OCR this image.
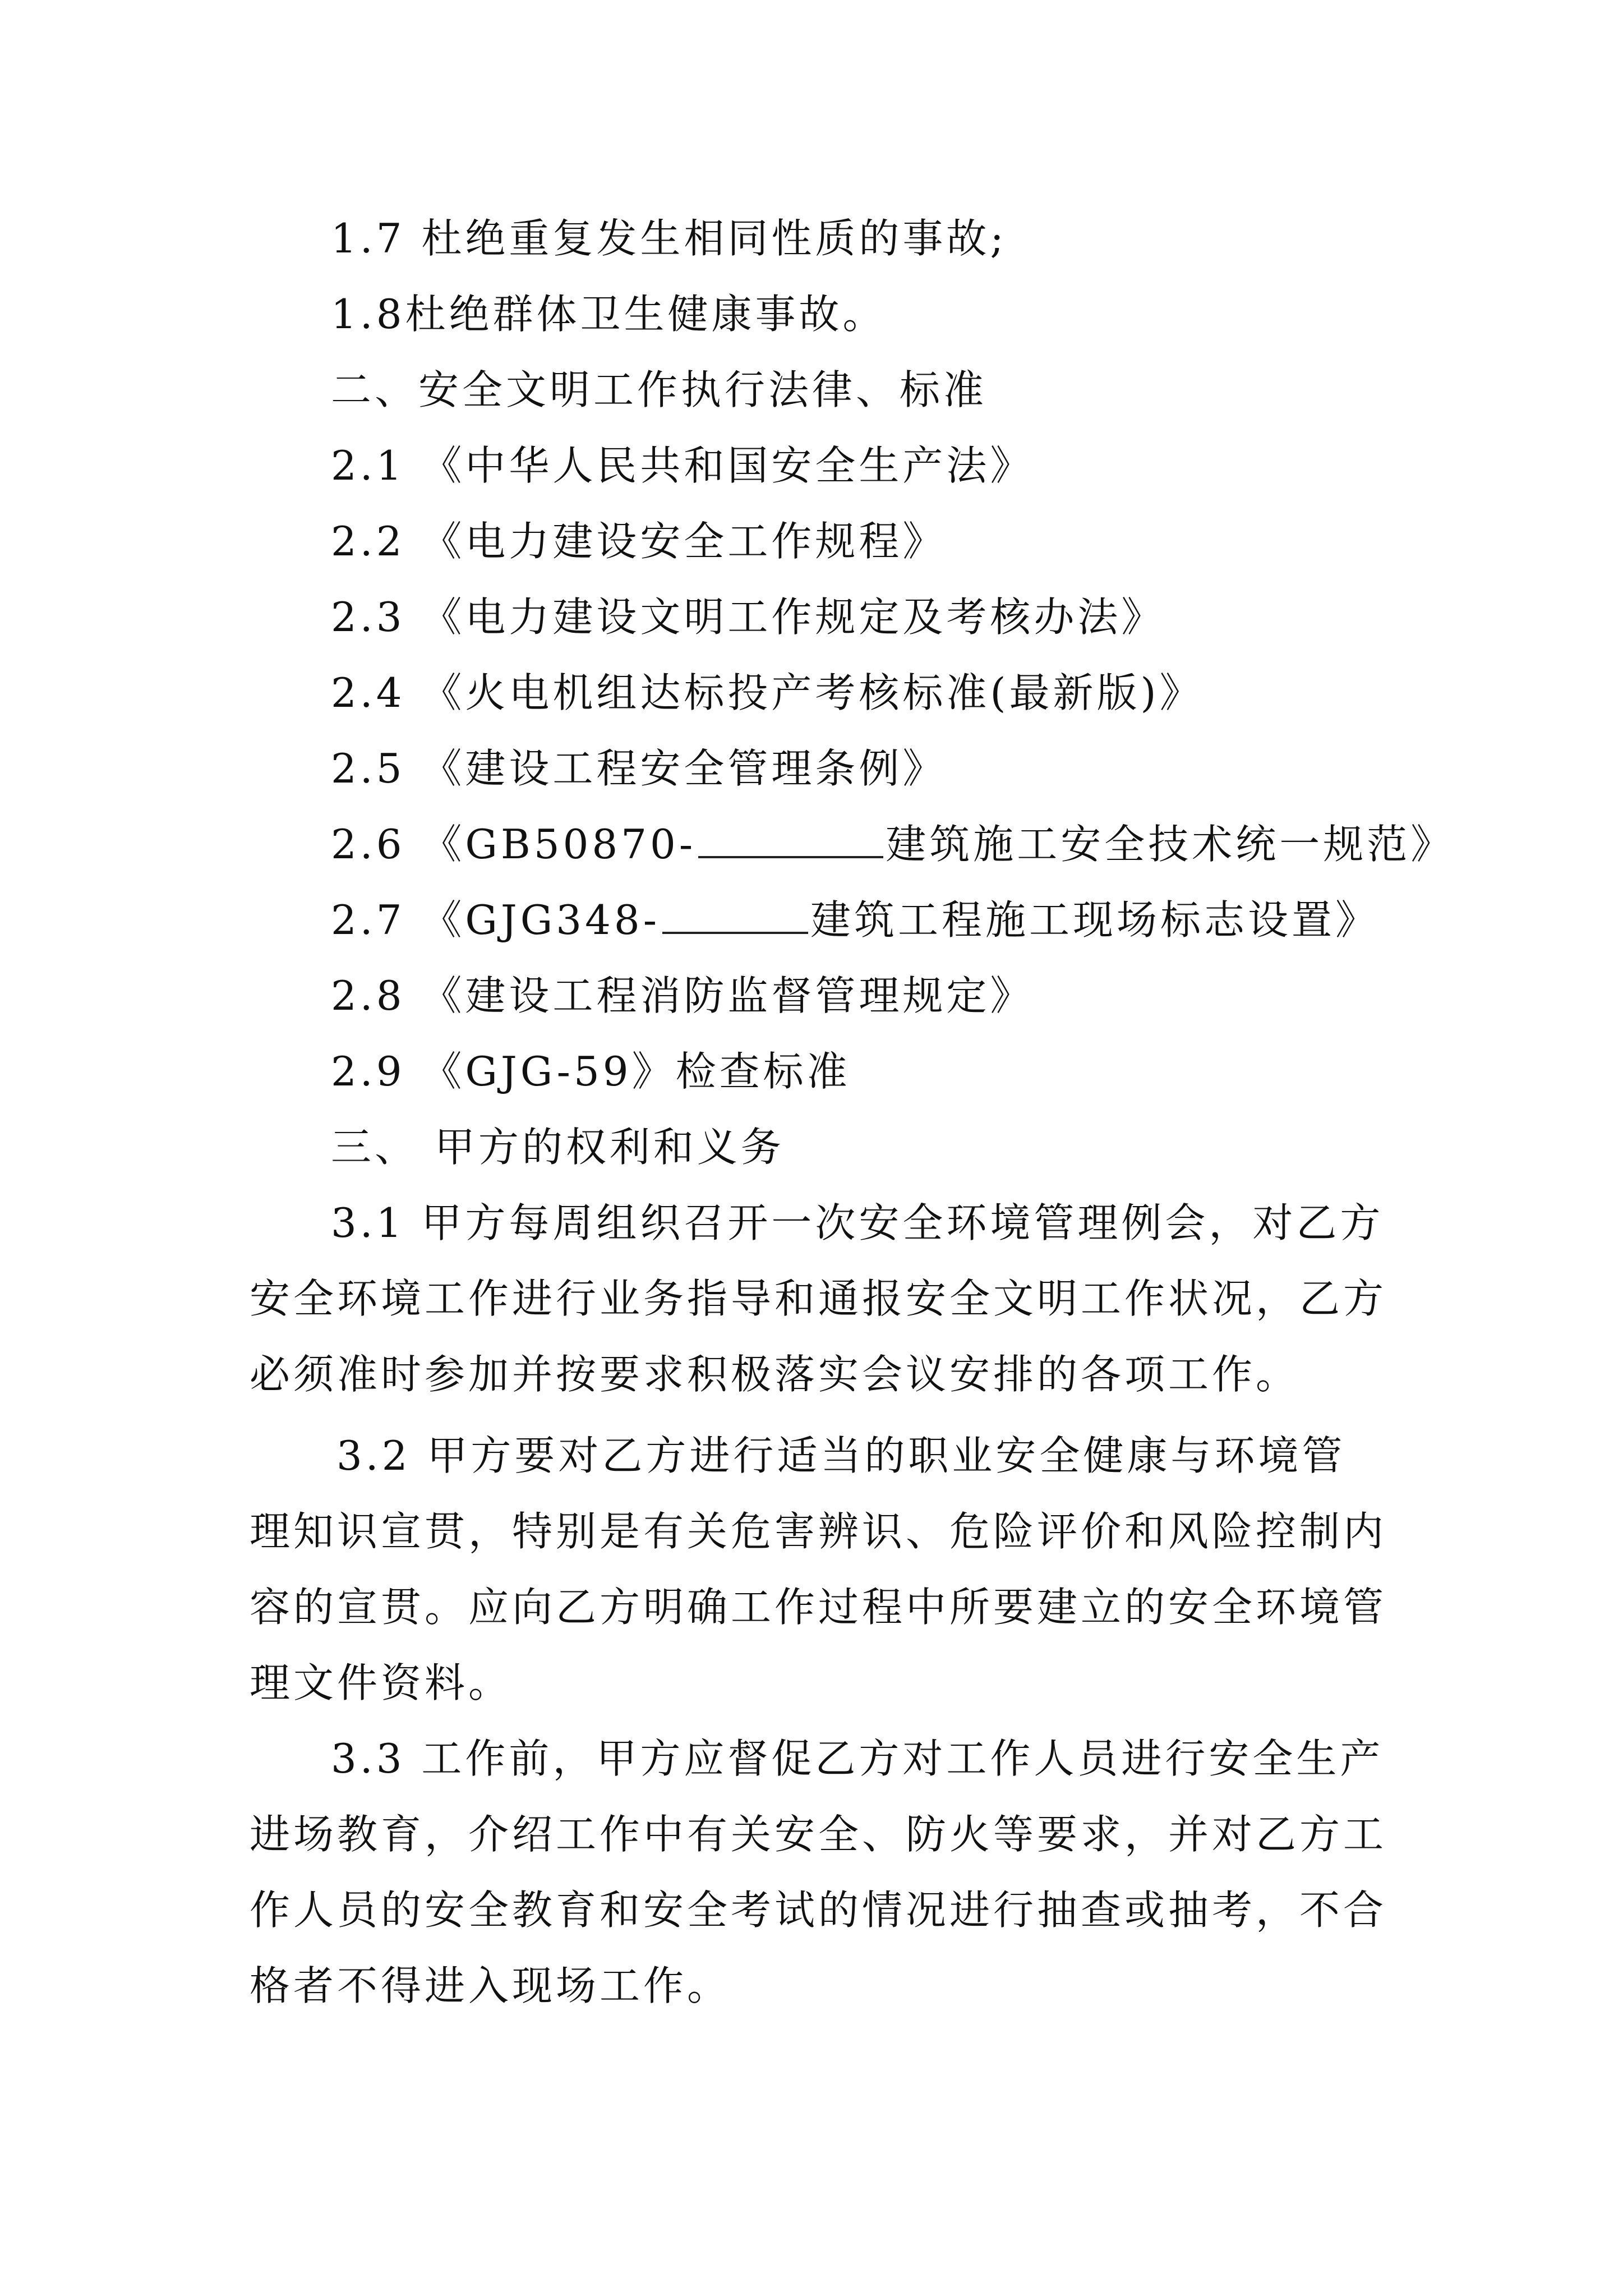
1.7 杜绝重复发生相同性质的事故;
1.8杜绝群体卫生健康事故。
二、安全文明工作执行法律、标准
2.1 《中华人民共和国安全生产法》
2.2 《电力建设安全工作规程》
2.3 《电力建设文明工作规定及考核办法》
2.4 《火电机组达标投产考核标准(最新版)》
2.5 《建设工程安全管理条例》
2.6 《GB50870-	建筑施工安全技术统一规范》
2.7 《GJG348-	建筑工程施工现场标志设置》
2.8 《建设工程消防监督管理规定》
2.9 《GJG-59》检查标准
三、 甲方的权利和义务
3.1 甲方每周组织召开一次安全环境管理例会，对乙方
安全环境工作进行业务指导和通报安全文明工作状况，乙方
必须准时参加并按要求积极落实会议安排的各项工作。
3.2 甲方要对乙方进行适当的职业安全健康与环境管
理知识宣贯，特别是有关危害辨识、危险评价和风险控制内
容的宣贯。应向乙方明确工作过程中所要建立的安全环境管
理文件资料。
3.3 工作前，甲方应督促乙方对工作人员进行安全生产
进场教育，介绍工作中有关安全、防火等要求，并对乙方工
作人员的安全教育和安全考试的情况进行抽查或抽考，不合
格者不得进入现场工作。
